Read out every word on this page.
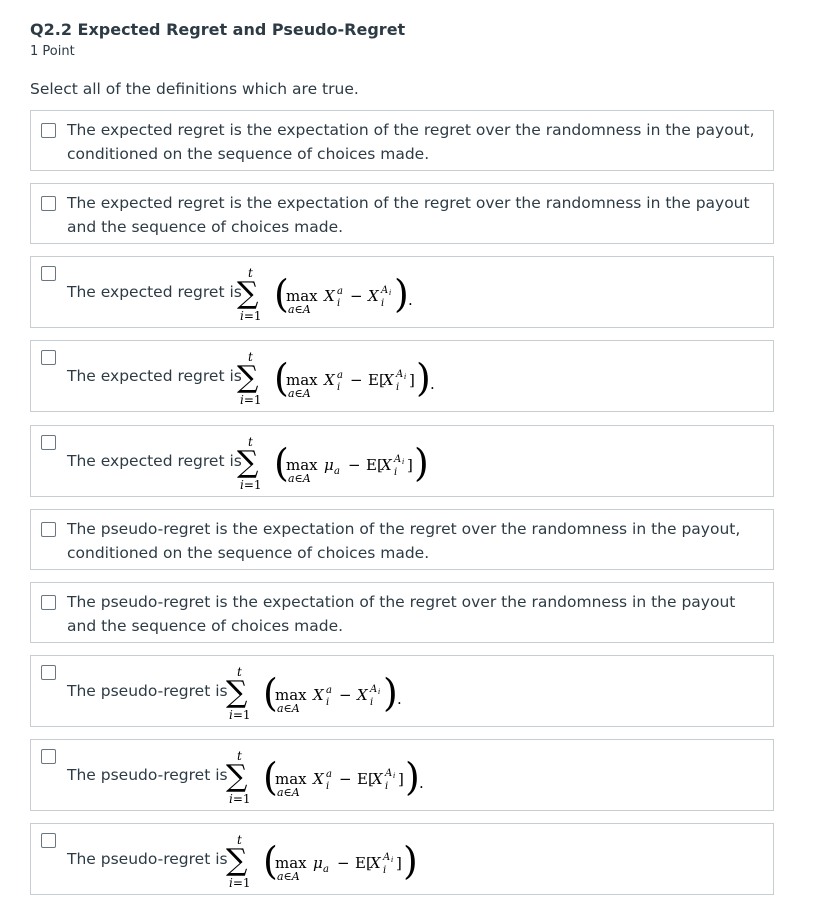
Q2.2 Expected Regret and Pseudo-Regret
1 Point
Select all of the definitions which are true.
The expected regret is the expectation of the regret over the randomness in the payout, conditioned on the sequence of choices made.
The expected regret is the expectation of the regret over the randomness in the payout and the sequence of choices made.
The expected regret is
t
∑
i=1 (
max
a∈A
X a
i − X A i
i ) .
The expected regret is
t
∑
i=1 (
max
a∈A
X a
i − E[
X A i
i ] ) .
The expected regret is
t
∑
i=1 (
max
a∈A
μ a − E[
X A i
i ] )
The pseudo-regret is the expectation of the regret over the randomness in the payout, conditioned on the sequence of choices made.
The pseudo-regret is the expectation of the regret over the randomness in the payout and the sequence of choices made.
The pseudo-regret is
t
∑
i=1 (
max
a∈A
X a
i − X A i
i ) .
The pseudo-regret is
t
∑
i=1 (
max
a∈A
X a
i − E[
X A i
i ] ) .
The pseudo-regret is
t
∑
i=1 (
max
a∈A
μ a − E[
X A i
i ] )
